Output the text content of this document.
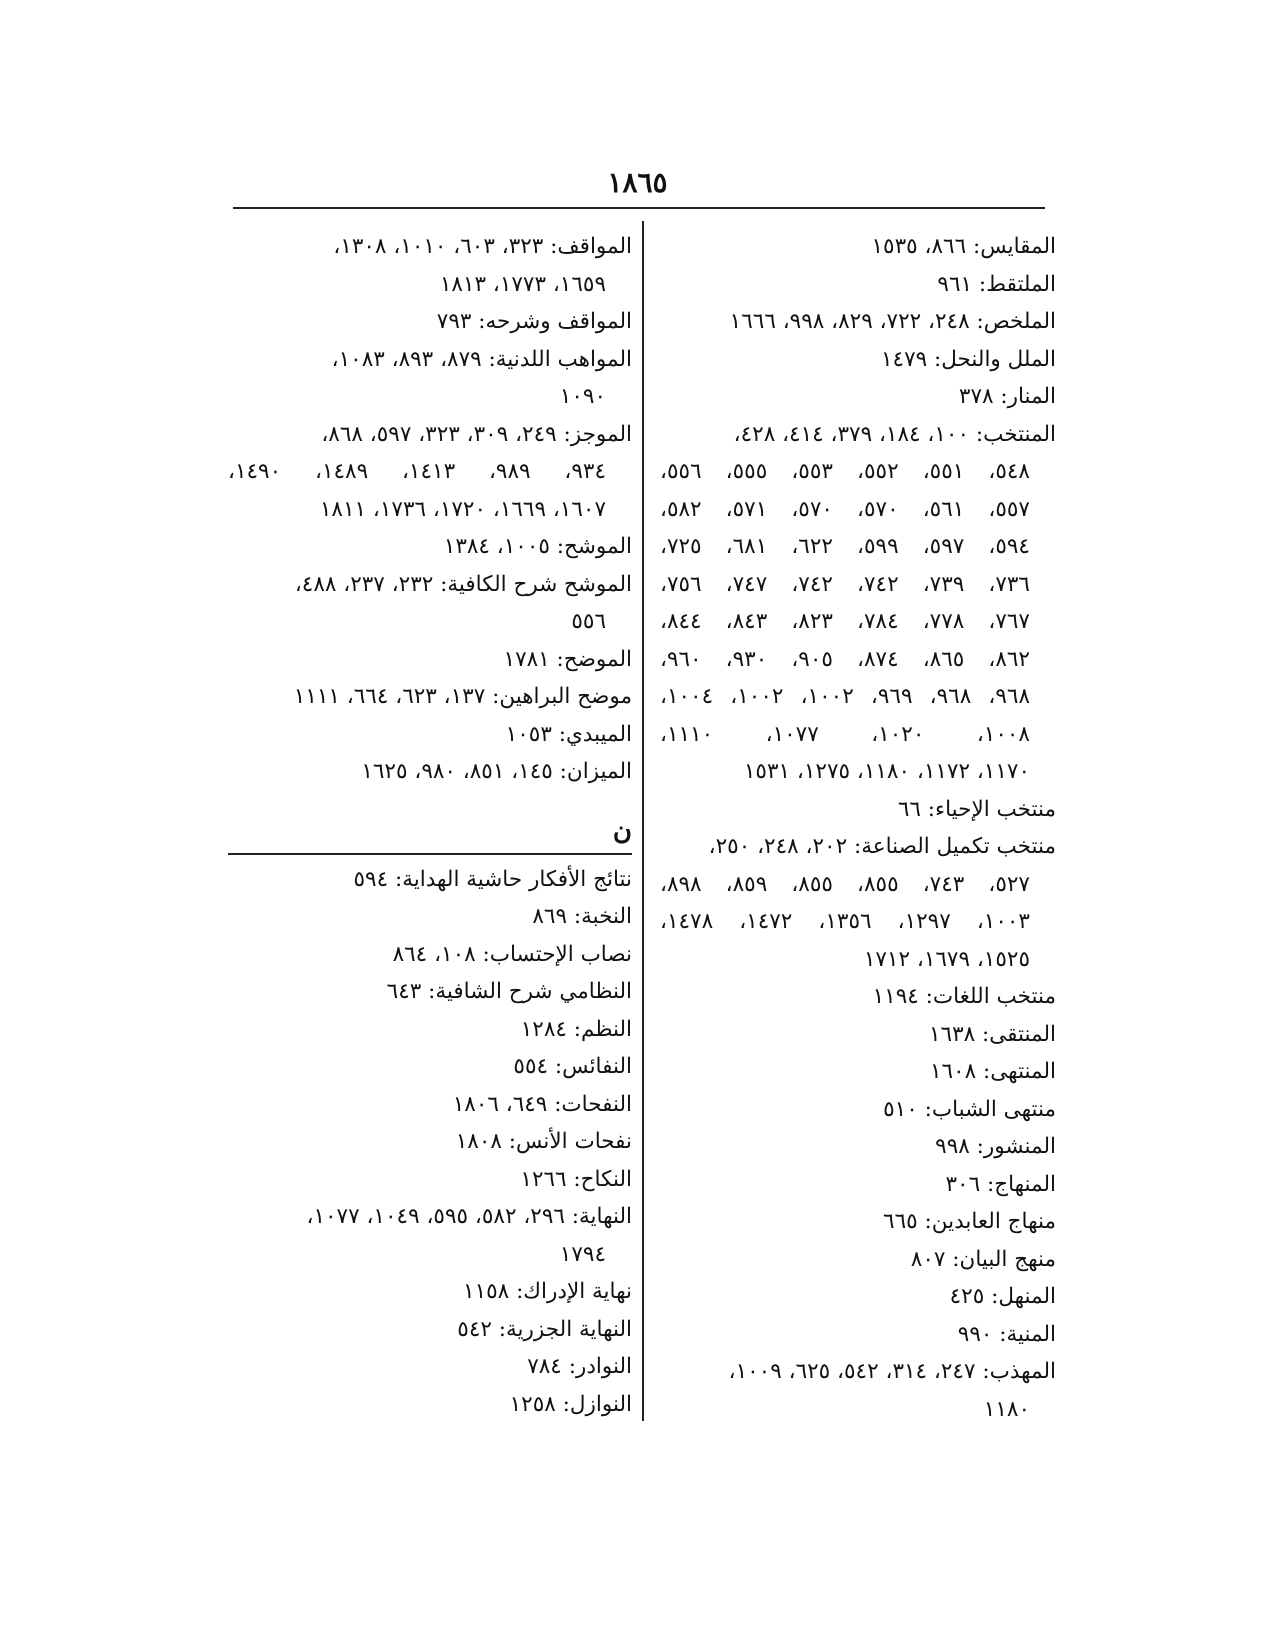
١٨٦٥
المقايس: ٨٦٦، ١٥٣٥
الملتقط: ٩٦١
الملخص: ٢٤٨، ٧٢٢، ٨٢٩، ٩٩٨، ١٦٦٦
الملل والنحل: ١٤٧٩
المنار: ٣٧٨
المنتخب: ١٠٠، ١٨٤، ٣٧٩، ٤١٤، ٤٢٨،
٥٤٨، ٥٥١، ٥٥٢، ٥٥٣، ٥٥٥، ٥٥٦،
٥٥٧، ٥٦١، ٥٧٠، ٥٧٠، ٥٧١، ٥٨٢،
٥٩٤، ٥٩٧، ٥٩٩، ٦٢٢، ٦٨١، ٧٢٥،
٧٣٦، ٧٣٩، ٧٤٢، ٧٤٢، ٧٤٧، ٧٥٦،
٧٦٧، ٧٧٨، ٧٨٤، ٨٢٣، ٨٤٣، ٨٤٤،
٨٦٢، ٨٦٥، ٨٧٤، ٩٠٥، ٩٣٠، ٩٦٠،
٩٦٨، ٩٦٨، ٩٦٩، ١٠٠٢، ١٠٠٢، ١٠٠٤،
١٠٠٨، ١٠٢٠، ١٠٧٧، ١١١٠،
١١٧٠، ١١٧٢، ١١٨٠، ١٢٧٥، ١٥٣١
منتخب الإحياء: ٦٦
منتخب تكميل الصناعة: ٢٠٢، ٢٤٨، ٢٥٠،
٥٢٧، ٧٤٣، ٨٥٥، ٨٥٥، ٨٥٩، ٨٩٨،
١٠٠٣، ١٢٩٧، ١٣٥٦، ١٤٧٢، ١٤٧٨،
١٥٢٥، ١٦٧٩، ١٧١٢
منتخب اللغات: ١١٩٤
المنتقى: ١٦٣٨
المنتهى: ١٦٠٨
منتهى الشباب: ٥١٠
المنشور: ٩٩٨
المنهاج: ٣٠٦
منهاج العابدين: ٦٦٥
منهج البيان: ٨٠٧
المنهل: ٤٢٥
المنية: ٩٩٠
المهذب: ٢٤٧، ٣١٤، ٥٤٢، ٦٢٥، ١٠٠٩،
١١٨٠
المواقف: ٣٢٣، ٦٠٣، ١٠١٠، ١٣٠٨،
١٦٥٩، ١٧٧٣، ١٨١٣
المواقف وشرحه: ٧٩٣
المواهب اللدنية: ٨٧٩، ٨٩٣، ١٠٨٣،
١٠٩٠
الموجز: ٢٤٩، ٣٠٩، ٣٢٣، ٥٩٧، ٨٦٨،
٩٣٤، ٩٨٩، ١٤١٣، ١٤٨٩، ١٤٩٠،
١٦٠٧، ١٦٦٩، ١٧٢٠، ١٧٣٦، ١٨١١
الموشح: ١٠٠٥، ١٣٨٤
الموشح شرح الكافية: ٢٣٢، ٢٣٧، ٤٨٨،
٥٥٦
الموضح: ١٧٨١
موضح البراهين: ١٣٧، ٦٢٣، ٦٦٤، ١١١١
الميبدي: ١٠٥٣
الميزان: ١٤٥، ٨٥١، ٩٨٠، ١٦٢٥
ن
نتائج الأفكار حاشية الهداية: ٥٩٤
النخبة: ٨٦٩
نصاب الإحتساب: ١٠٨، ٨٦٤
النظامي شرح الشافية: ٦٤٣
النظم: ١٢٨٤
النفائس: ٥٥٤
النفحات: ٦٤٩، ١٨٠٦
نفحات الأنس: ١٨٠٨
النكاح: ١٢٦٦
النهاية: ٢٩٦، ٥٨٢، ٥٩٥، ١٠٤٩، ١٠٧٧،
١٧٩٤
نهاية الإدراك: ١١٥٨
النهاية الجزرية: ٥٤٢
النوادر: ٧٨٤
النوازل: ١٢٥٨
